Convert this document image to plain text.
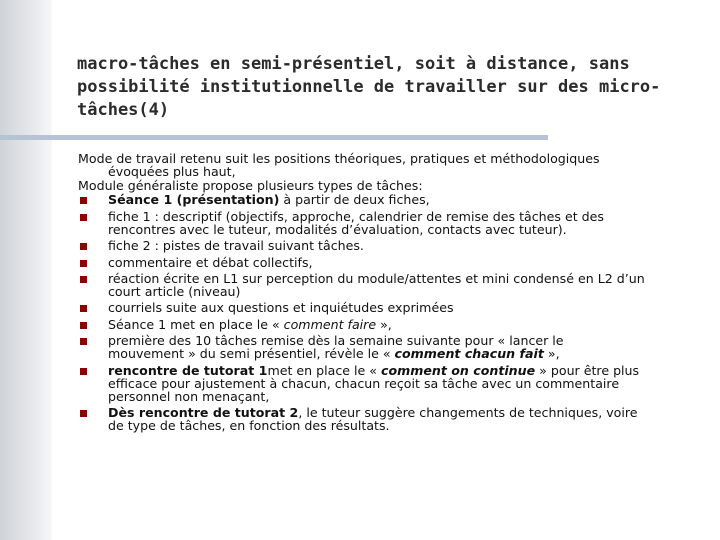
macro-tâches en semi-présentiel, soit à distance, sans possibilité institutionnelle de travailler sur des micro-tâches(4)

Mode de travail retenu suit les positions théoriques, pratiques et méthodologiques
évoquées plus haut,

Module généraliste propose plusieurs types de tâches:

Séance 1 (présentation) à partir de deux fiches,
fiche 1 : descriptif (objectifs, approche, calendrier de remise des tâches et des
rencontres avec le tuteur, modalités d’évaluation, contacts avec tuteur).
fiche 2 : pistes de travail suivant tâches.
commentaire et débat collectifs,
réaction écrite en L1 sur perception du module/attentes et mini condensé en L2 d’un
court article (niveau)
courriels suite aux questions et inquiétudes exprimées
Séance 1 met en place le « comment faire »,
première des 10 tâches remise dès la semaine suivante pour « lancer le
mouvement » du semi présentiel, révèle le « comment chacun fait »,
rencontre de tutorat 1met en place le « comment on continue » pour être plus
efficace pour ajustement à chacun, chacun reçoit sa tâche avec un commentaire
personnel non menaçant,
Dès rencontre de tutorat 2, le tuteur suggère changements de techniques, voire
de type de tâches, en fonction des résultats.
